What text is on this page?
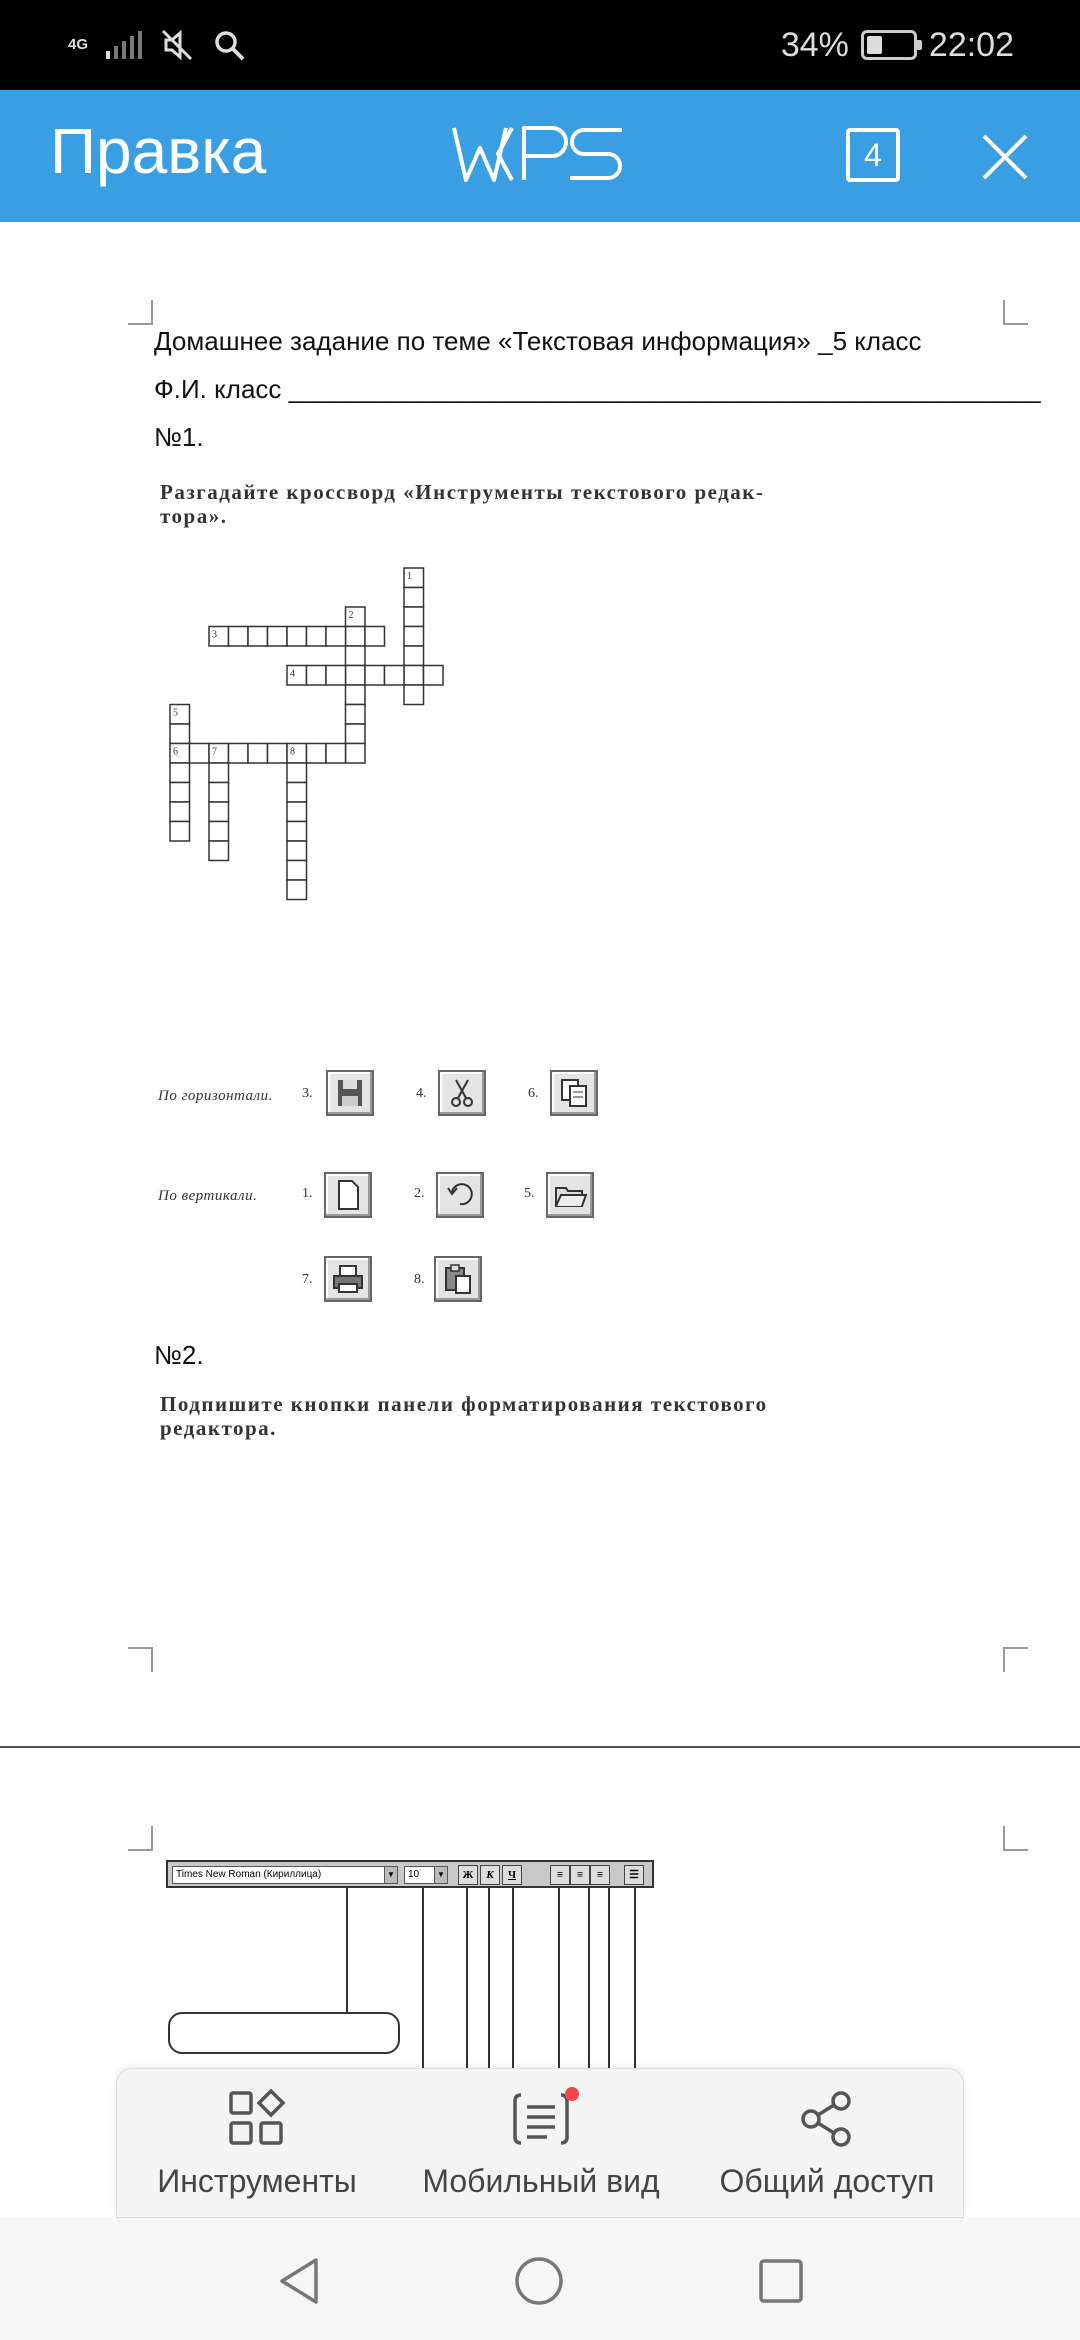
4G	34% 22:02
Правка	4
Домашнее задание по теме «Текстовая информация» _5 класс
Ф.И. класс ____________________________________________________
№1.
Разгадайте кроссворд «Инструменты текстового редак-
тора».
1
2
3
4
5
6	7	8
По горизонтали. 3.	4.	6.
По вертикали.	1.	2.	5.
7.	8.
№2.
Подпишите кнопки панели форматирования текстового
редактора.
Times New Roman (Кириллица)	▼	10	▼	Ж	К	Ч	≡	≡	≡	☰
Инструменты	Мобильный вид	Общий доступ
